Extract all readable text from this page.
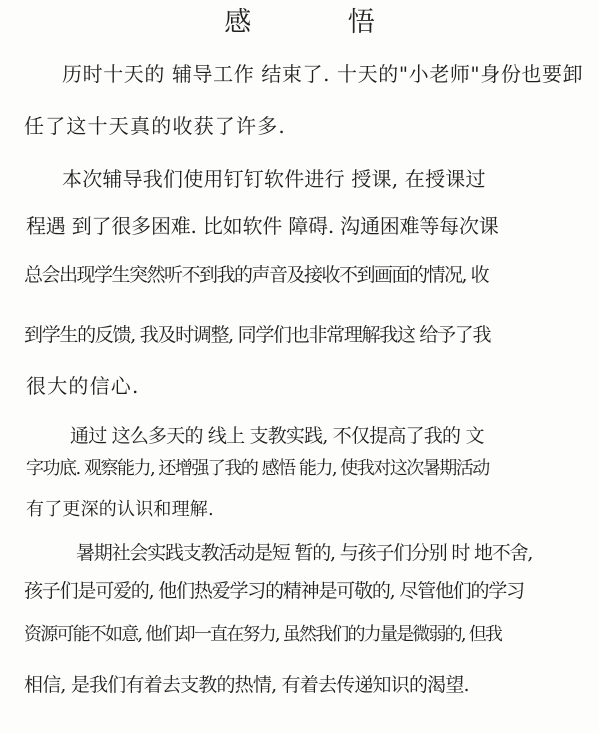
感 悟
历时十天的 辅导工作 结束了. 十天的"小老师"身份也要卸
任了这十天真的收获了许多.
本次辅导我们使用钉钉软件进行 授课, 在授课过
程遇 到了很多困难. 比如软件 障碍. 沟通困难等每次课
总会出现学生突然听不到我的声音及接收不到画面的情况, 收
到学生的反馈, 我及时调整, 同学们也非常理解我这 给予了我
很大的信心.
通过 这么多天的 线上 支教实践, 不仅提高了我的 文
字功底. 观察能力, 还增强了我的 感悟 能力, 使我对这次暑期活动
有了更深的认识和理解.
暑期社会实践支教活动是短 暂的, 与孩子们分别 时 地不舍,
孩子们是可爱的, 他们热爱学习的精神是可敬的, 尽管他们的学习
资源可能不如意, 他们却一直在努力, 虽然我们的力量是微弱的, 但我
相信, 是我们有着去支教的热情, 有着去传递知识的渴望.
